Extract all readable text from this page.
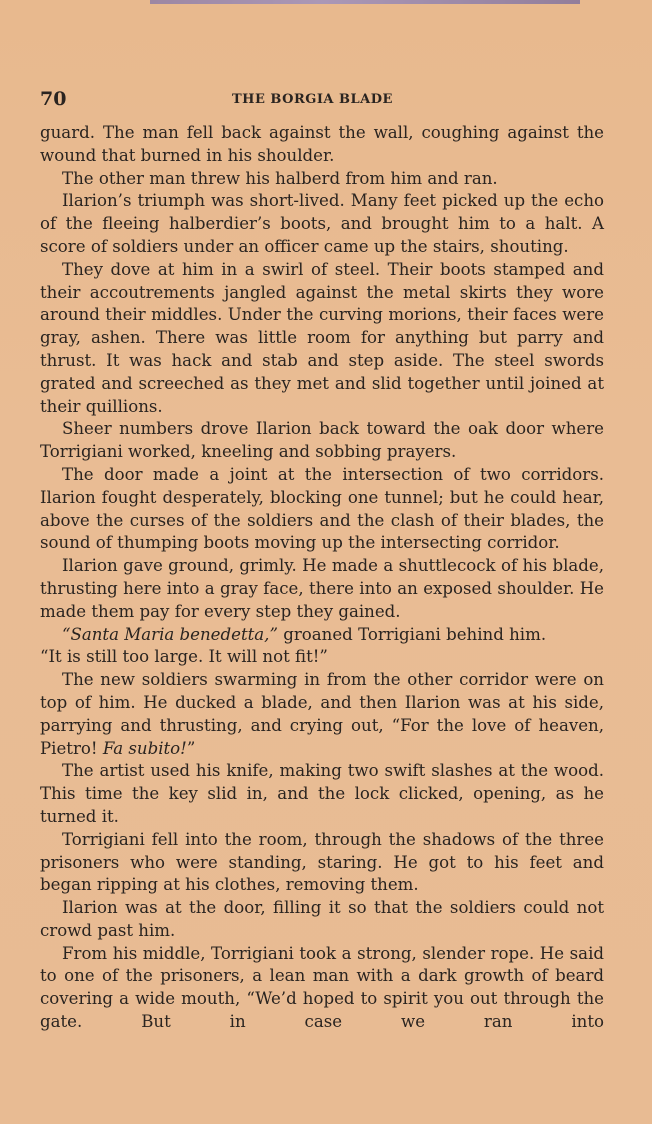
70	THE BORGIA BLADE

guard. The man fell back against the wall, coughing against the wound that burned in his shoulder.

The other man threw his halberd from him and ran.

Ilarion’s triumph was short-lived. Many feet picked up the echo of the fleeing halberdier’s boots, and brought him to a halt. A score of soldiers under an officer came up the stairs, shouting.

They dove at him in a swirl of steel. Their boots stamped and their accoutrements jangled against the metal skirts they wore around their middles. Under the curving morions, their faces were gray, ashen. There was little room for anything but parry and thrust. It was hack and stab and step aside. The steel swords grated and screeched as they met and slid together until joined at their quillions.

Sheer numbers drove Ilarion back toward the oak door where Torrigiani worked, kneeling and sobbing prayers.

The door made a joint at the intersection of two corridors. Ilarion fought desperately, blocking one tunnel; but he could hear, above the curses of the soldiers and the clash of their blades, the sound of thumping boots moving up the intersecting corridor.

Ilarion gave ground, grimly. He made a shuttlecock of his blade, thrusting here into a gray face, there into an exposed shoulder. He made them pay for every step they gained.

“Santa Maria benedetta,” groaned Torrigiani behind him.

“It is still too large. It will not fit!”

The new soldiers swarming in from the other corridor were on top of him. He ducked a blade, and then Ilarion was at his side, parrying and thrusting, and crying out, “For the love of heaven, Pietro! Fa subito!”

The artist used his knife, making two swift slashes at the wood. This time the key slid in, and the lock clicked, opening, as he turned it.

Torrigiani fell into the room, through the shadows of the three prisoners who were standing, staring. He got to his feet and began ripping at his clothes, removing them.

Ilarion was at the door, filling it so that the soldiers could not crowd past him.

From his middle, Torrigiani took a strong, slender rope. He said to one of the prisoners, a lean man with a dark growth of beard covering a wide mouth, “We’d hoped to spirit you out through the gate. But in case we ran into
